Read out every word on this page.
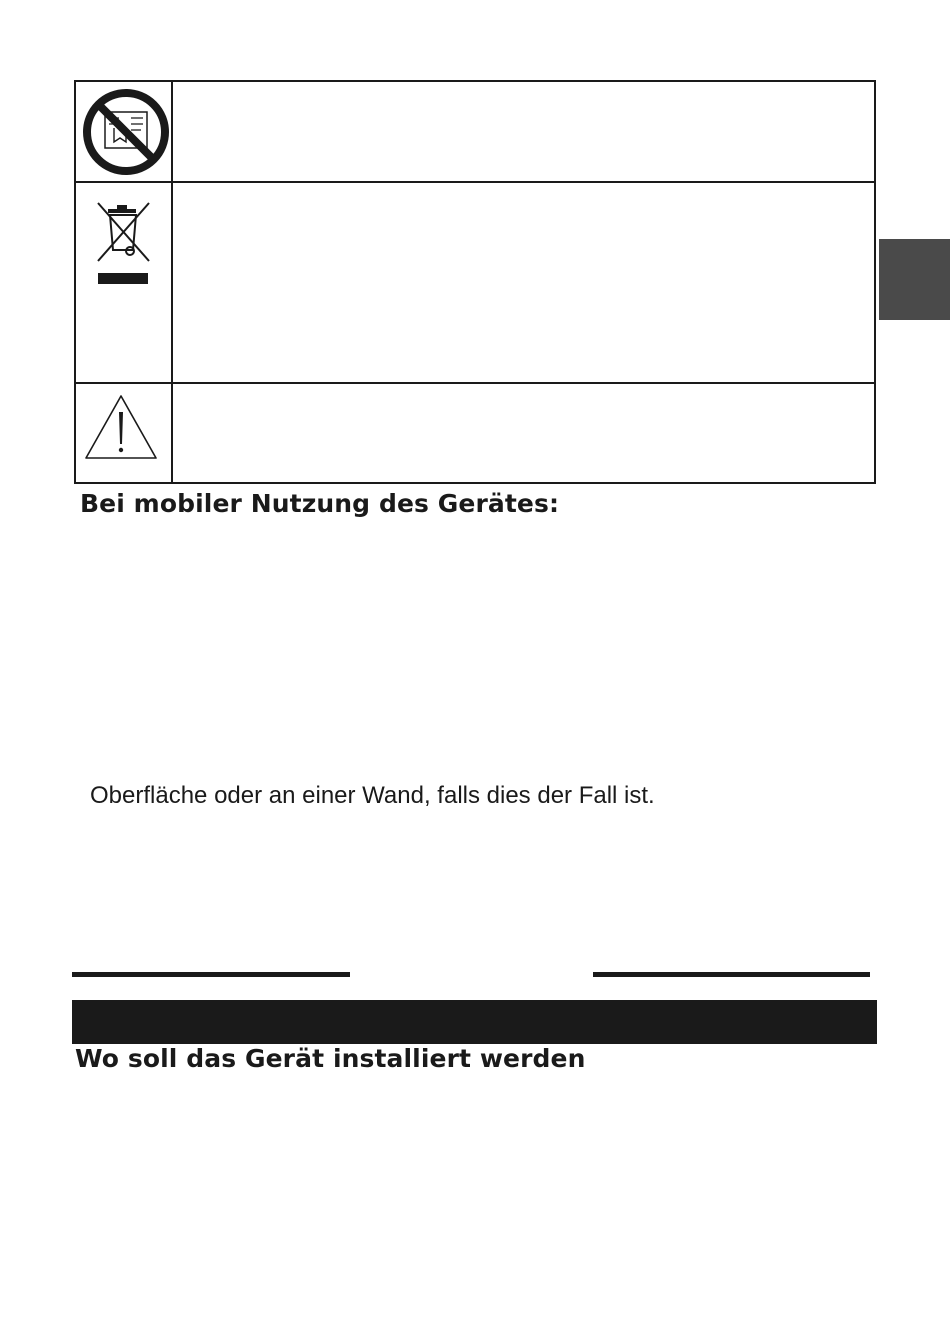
Bei mobiler Nutzung des Gerätes:
Oberfläche oder an einer Wand, falls dies der Fall ist.
Wo soll das Gerät installiert werden
